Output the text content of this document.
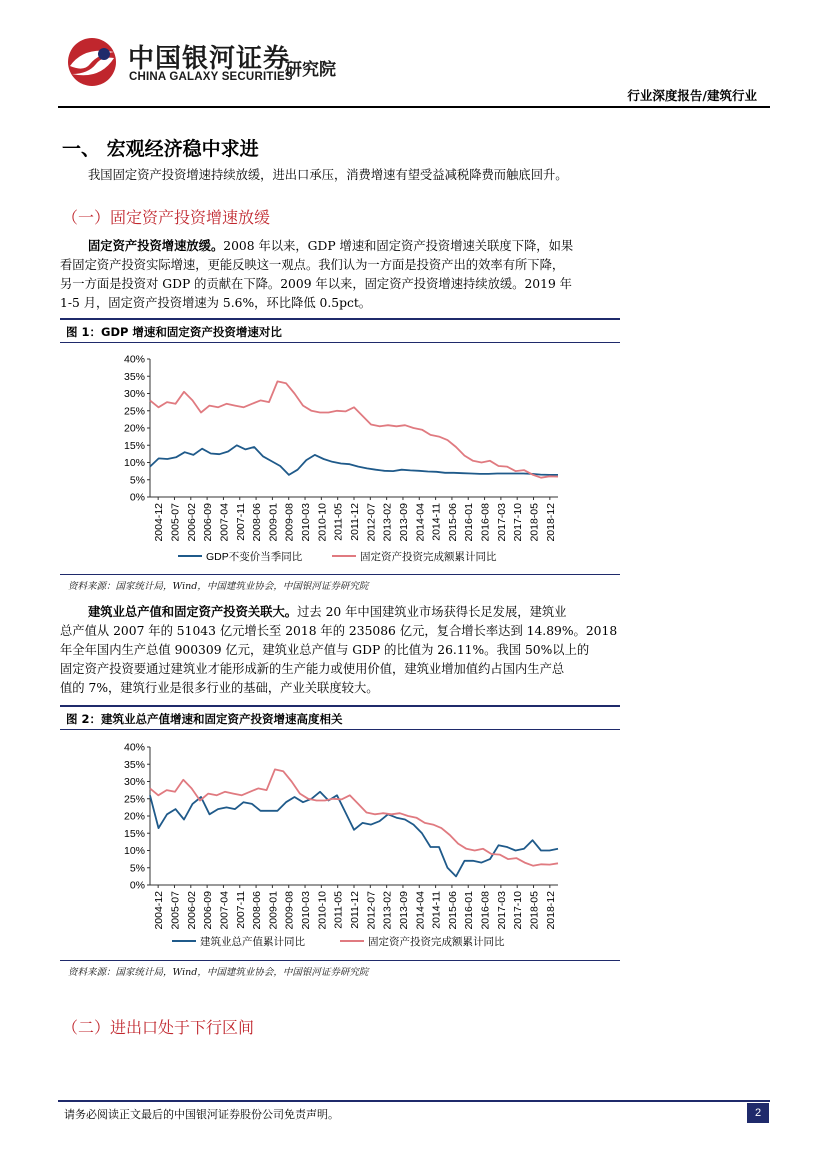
中国银河证券
CHINA GALAXY SECURITIES
研究院
行业深度报告/建筑行业
一、 宏观经济稳中求进
我国固定资产投资增速持续放缓，进出口承压，消费增速有望受益减税降费而触底回升。
（一）固定资产投资增速放缓
固定资产投资增速放缓。2008 年以来，GDP 增速和固定资产投资增速关联度下降，如果
看固定资产投资实际增速，更能反映这一观点。我们认为一方面是投资产出的效率有所下降，
另一方面是投资对 GDP 的贡献在下降。2009 年以来，固定资产投资增速持续放缓。2019 年
1-5 月，固定资产投资增速为 5.6%，环比降低 0.5pct。
图 1：GDP 增速和固定资产投资增速对比
0%
5%
10%
15%
20%
25%
30%
35%
40%
2004-12 2005-07 2006-02 2006-09 2007-04 2007-11 2008-06 2009-01 2009-08 2010-03 2010-10 2011-05 2011-12 2012-07 2013-02 2013-09 2014-04 2014-11 2015-06 2016-01 2016-08 2017-03 2017-10 2018-05 2018-12
GDP不变价当季同比	固定资产投资完成额累计同比
资料来源：国家统计局，Wind，中国建筑业协会，中国银河证券研究院
建筑业总产值和固定资产投资关联大。过去 20 年中国建筑业市场获得长足发展，建筑业
总产值从 2007 年的 51043 亿元增长至 2018 年的 235086 亿元，复合增长率达到 14.89%。2018
年全年国内生产总值 900309 亿元，建筑业总产值与 GDP 的比值为 26.11%。我国 50%以上的
固定资产投资要通过建筑业才能形成新的生产能力或使用价值，建筑业增加值约占国内生产总
值的 7%，建筑行业是很多行业的基础，产业关联度较大。
图 2：建筑业总产值增速和固定资产投资增速高度相关
0%
5%
10%
15%
20%
25%
30%
35%
40%
2004-12 2005-07 2006-02 2006-09 2007-04 2007-11 2008-06 2009-01 2009-08 2010-03 2010-10 2011-05 2011-12 2012-07 2013-02 2013-09 2014-04 2014-11 2015-06 2016-01 2016-08 2017-03 2017-10 2018-05 2018-12
建筑业总产值累计同比	固定资产投资完成额累计同比
资料来源：国家统计局，Wind，中国建筑业协会，中国银河证券研究院
（二）进出口处于下行区间
请务必阅读正文最后的中国银河证券股份公司免责声明。	2
